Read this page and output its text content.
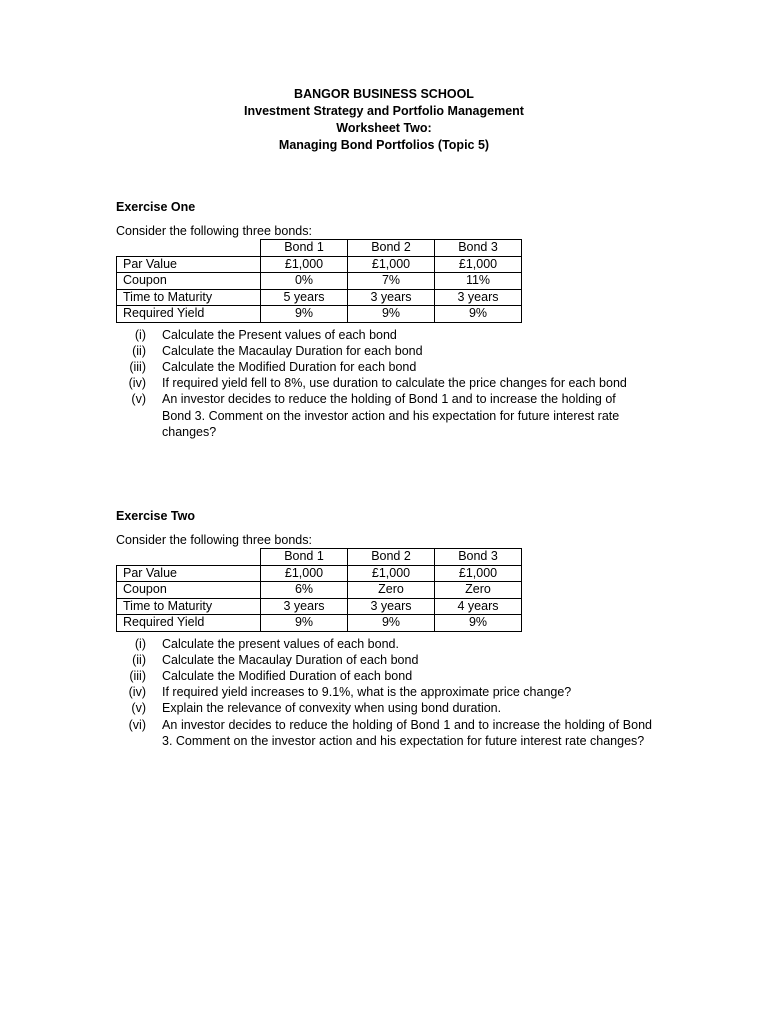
BANGOR BUSINESS SCHOOL
Investment Strategy and Portfolio Management
Worksheet Two:
Managing Bond Portfolios (Topic 5)
Exercise One
Consider the following three bonds:
	Bond 1	Bond 2	Bond 3
Par Value	£1,000	£1,000	£1,000
Coupon	0%	7%	11%
Time to Maturity	5 years	3 years	3 years
Required Yield	9%	9%	9%
(i)	Calculate the Present values of each bond
(ii)	Calculate the Macaulay Duration for each bond
(iii)	Calculate the Modified Duration for each bond
(iv)	If required yield fell to 8%, use duration to calculate the price changes for each bond
(v)	An investor decides to reduce the holding of Bond 1 and to increase the holding of Bond 3. Comment on the investor action and his expectation for future interest rate changes?
Exercise Two
Consider the following three bonds:
	Bond 1	Bond 2	Bond 3
Par Value	£1,000	£1,000	£1,000
Coupon	6%	Zero	Zero
Time to Maturity	3 years	3 years	4 years
Required Yield	9%	9%	9%
(i)	Calculate the present values of each bond.
(ii)	Calculate the Macaulay Duration of each bond
(iii)	Calculate the Modified Duration of each bond
(iv)	If required yield increases to 9.1%, what is the approximate price change?
(v)	Explain the relevance of convexity when using bond duration.
(vi)	An investor decides to reduce the holding of Bond 1 and to increase the holding of Bond 3. Comment on the investor action and his expectation for future interest rate changes?
